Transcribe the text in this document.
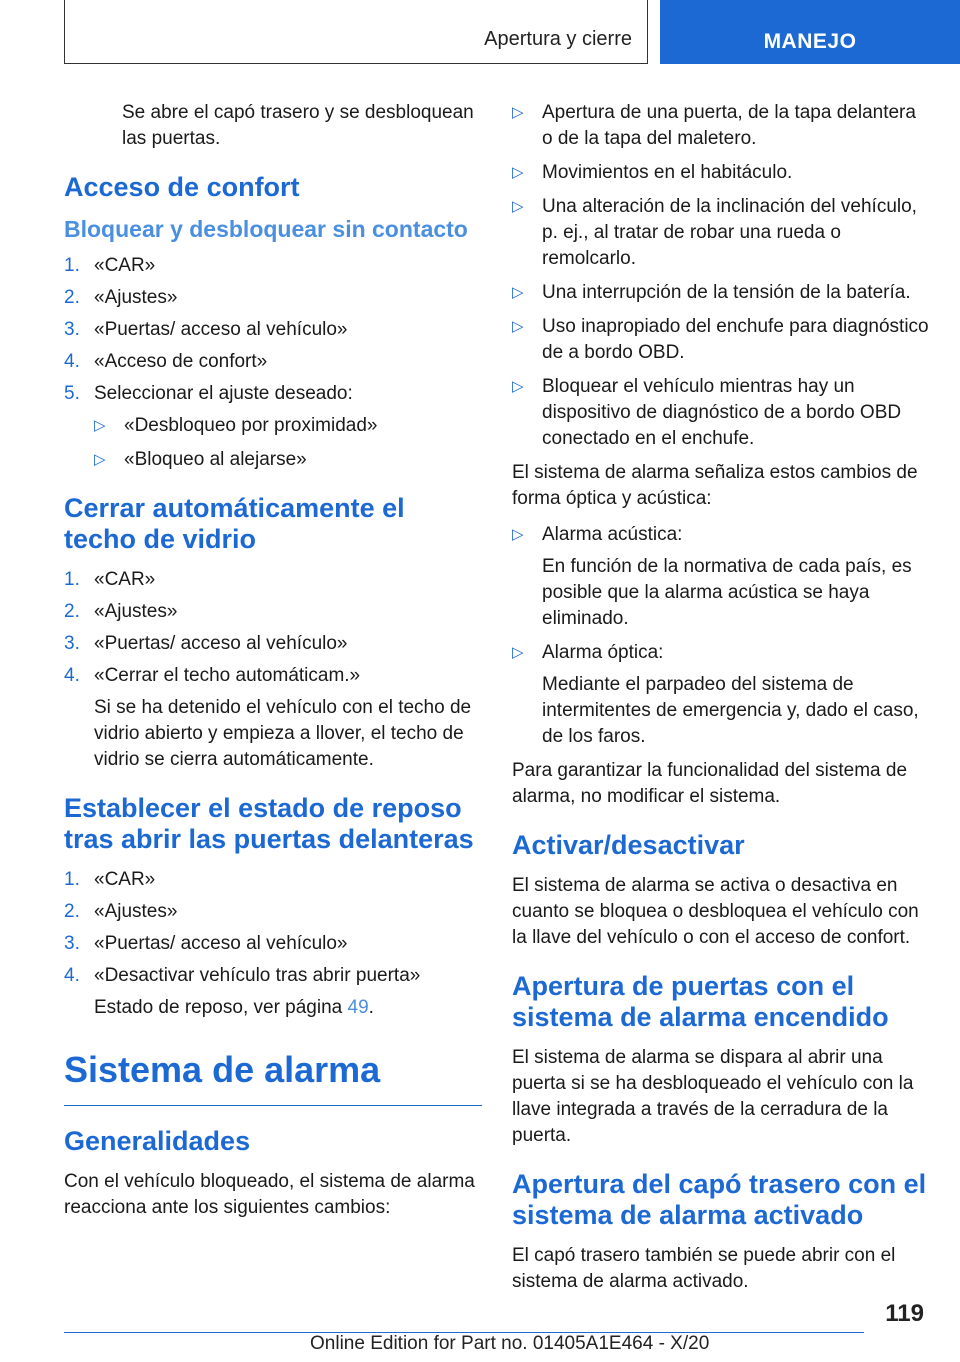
Apertura y cierre	MANEJO

Se abre el capó trasero y se desbloquean las puertas.

Acceso de confort
Bloquear y desbloquear sin contacto
1. «CAR»
2. «Ajustes»
3. «Puertas/ acceso al vehículo»
4. «Acceso de confort»
5. Seleccionar el ajuste deseado:
▷ «Desbloqueo por proximidad»
▷ «Bloqueo al alejarse»
Cerrar automáticamente el techo de vidrio
1. «CAR»
2. «Ajustes»
3. «Puertas/ acceso al vehículo»
4. «Cerrar el techo automáticam.»
Si se ha detenido el vehículo con el techo de vidrio abierto y empieza a llover, el techo de vidrio se cierra automáticamente.
Establecer el estado de reposo tras abrir las puertas delanteras
1. «CAR»
2. «Ajustes»
3. «Puertas/ acceso al vehículo»
4. «Desactivar vehículo tras abrir puerta»
Estado de reposo, ver página 49.
Sistema de alarma
Generalidades

Con el vehículo bloqueado, el sistema de alarma reacciona ante los siguientes cambios:

▷ Apertura de una puerta, de la tapa delantera o de la tapa del maletero.
▷ Movimientos en el habitáculo.
▷ Una alteración de la inclinación del vehículo, p. ej., al tratar de robar una rueda o remolcarlo.
▷ Una interrupción de la tensión de la batería.
▷ Uso inapropiado del enchufe para diagnóstico de a bordo OBD.
▷ Bloquear el vehículo mientras hay un dispositivo de diagnóstico de a bordo OBD conectado en el enchufe.

El sistema de alarma señaliza estos cambios de forma óptica y acústica:

▷ Alarma acústica:
En función de la normativa de cada país, es posible que la alarma acústica se haya eliminado.
▷ Alarma óptica:
Mediante el parpadeo del sistema de intermitentes de emergencia y, dado el caso, de los faros.

Para garantizar la funcionalidad del sistema de alarma, no modificar el sistema.

Activar/desactivar

El sistema de alarma se activa o desactiva en cuanto se bloquea o desbloquea el vehículo con la llave del vehículo o con el acceso de confort.

Apertura de puertas con el sistema de alarma encendido

El sistema de alarma se dispara al abrir una puerta si se ha desbloqueado el vehículo con la llave integrada a través de la cerradura de la puerta.

Apertura del capó trasero con el sistema de alarma activado

El capó trasero también se puede abrir con el sistema de alarma activado.

119
Online Edition for Part no. 01405A1E464 - X/20
